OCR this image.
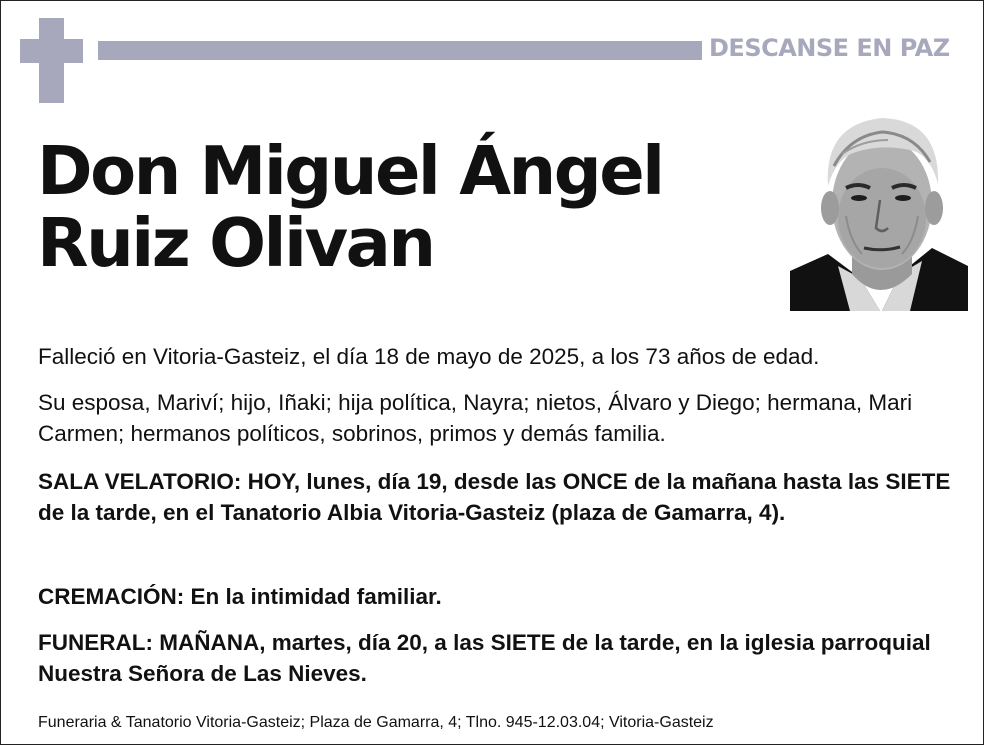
DESCANSE EN PAZ
Don Miguel Ángel
Ruiz Olivan
Falleció en Vitoria-Gasteiz, el día 18 de mayo de 2025, a los 73 años de edad.
Su esposa, Mariví; hijo, Iñaki; hija política, Nayra; nietos, Álvaro y Diego; hermana, Mari Carmen; hermanos políticos, sobrinos, primos y demás familia.
SALA VELATORIO: HOY, lunes, día 19, desde las ONCE de la mañana hasta las SIETE de la tarde, en el Tanatorio Albia Vitoria-Gasteiz (plaza de Gamarra, 4).
CREMACIÓN: En la intimidad familiar.
FUNERAL: MAÑANA, martes, día 20, a las SIETE de la tarde, en la iglesia parroquial Nuestra Señora de Las Nieves.
Funeraria & Tanatorio Vitoria-Gasteiz; Plaza de Gamarra, 4; Tlno. 945-12.03.04; Vitoria-Gasteiz
